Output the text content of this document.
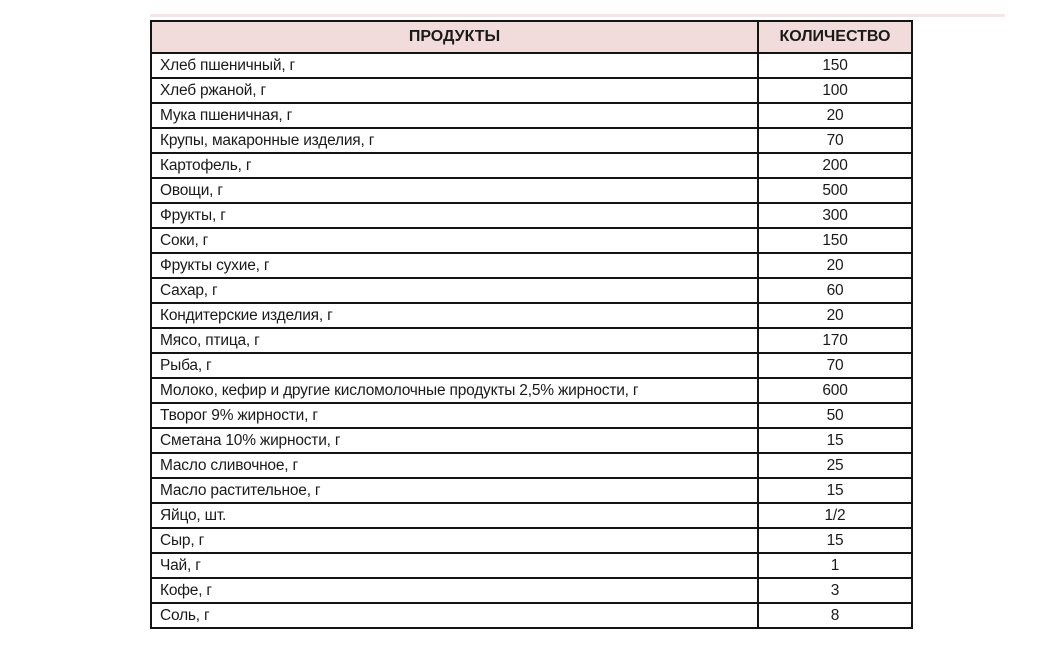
ПРОДУКТЫ	КОЛИЧЕСТВО
Хлеб пшеничный, г	150
Хлеб ржаной, г	100
Мука пшеничная, г	20
Крупы, макаронные изделия, г	70
Картофель, г	200
Овощи, г	500
Фрукты, г	300
Соки, г	150
Фрукты сухие, г	20
Сахар, г	60
Кондитерские изделия, г	20
Мясо, птица, г	170
Рыба, г	70
Молоко, кефир и другие кисломолочные продукты 2,5% жирности, г	600
Творог 9% жирности, г	50
Сметана 10% жирности, г	15
Масло сливочное, г	25
Масло растительное, г	15
Яйцо, шт.	1/2
Сыр, г	15
Чай, г	1
Кофе, г	3
Соль, г	8
